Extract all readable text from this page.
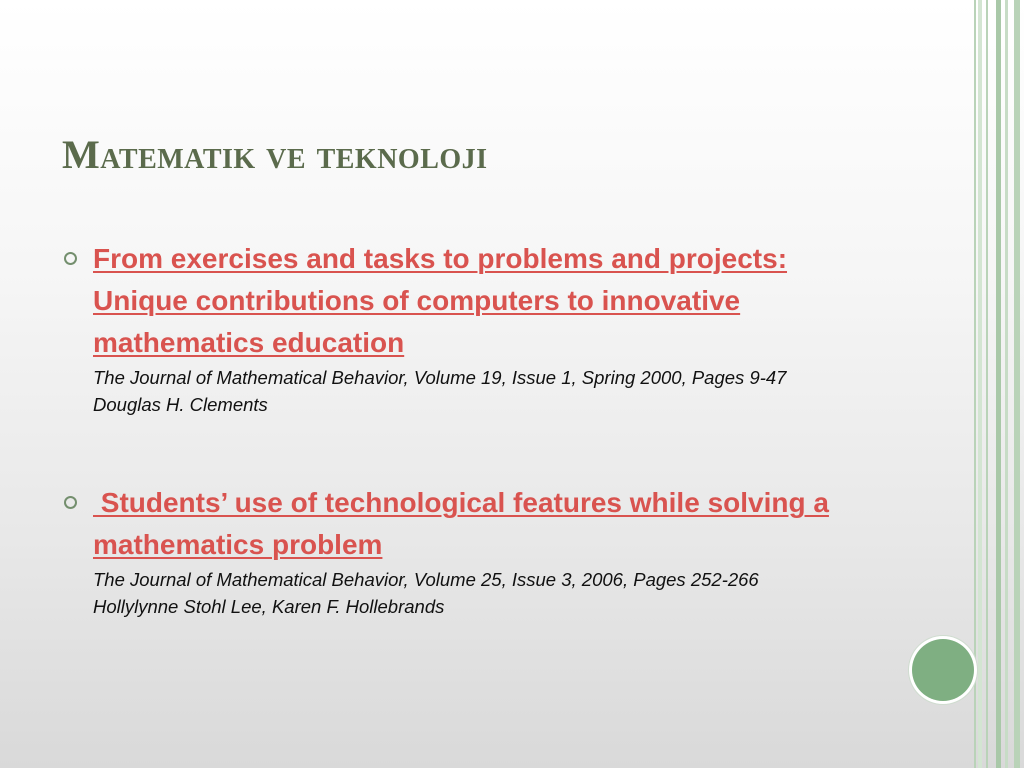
Matematik ve teknoloji
From exercises and tasks to problems and projects: Unique contributions of computers to innovative mathematics education
The Journal of Mathematical Behavior, Volume 19, Issue 1, Spring 2000, Pages 9-47
Douglas H. Clements
Students’ use of technological features while solving a mathematics problem
The Journal of Mathematical Behavior, Volume 25, Issue 3, 2006, Pages 252-266
Hollylynne Stohl Lee, Karen F. Hollebrands
